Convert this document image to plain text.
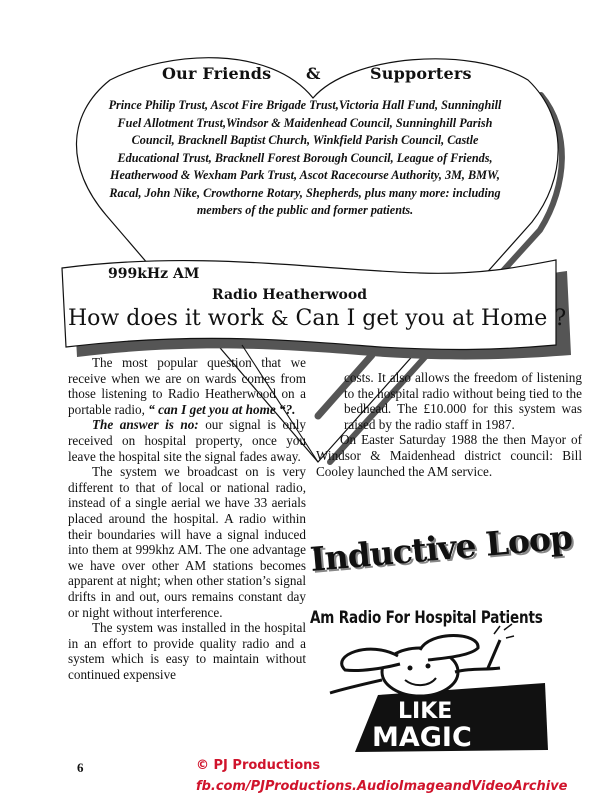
LIKE
MAGIC
Our Friends &	Supporters
Prince Philip Trust, Ascot Fire Brigade Trust,Victoria Hall Fund, Sunninghill Fuel Allotment Trust,Windsor & Maidenhead Council, Sunninghill Parish Council, Bracknell Baptist Church, Winkfield Parish Council, Castle Educational Trust, Bracknell Forest Borough Council, League of Friends, Heatherwood & Wexham Park Trust, Ascot Racecourse Authority, 3M, BMW, Racal, John Nike, Crowthorne Rotary, Shepherds, plus many more: including members of the public and former patients.
999kHz AM
Radio Heatherwood
How does it work & Can I get you at Home ?

The most popular question that we receive when we are on wards comes from those listening to Radio Heatherwood on a portable radio, “ can I get you at home “?.

The answer is no: our signal is only received on hospital property, once you leave the hospital site the signal fades away.

The system we broadcast on is very different to that of local or national radio, instead of a single aerial we have 33 aerials placed around the hospital. A radio within their boundaries will have a signal induced into them at 999khz AM. The one advantage we have over other AM stations becomes apparent at night; when other station’s signal drifts in and out, ours remains constant day or night without interference.

The system was installed in the hospital in an effort to provide quality radio and a system which is easy to maintain without continued expensive

costs. It also allows the freedom of listening to the hospital radio without being tied to the bedhead. The £10.000 for this system was raised by the radio staff in 1987.

On Easter Saturday 1988 the then Mayor of Windsor & Maidenhead district council: Bill Cooley launched the AM service.

Inductive Loop
Am Radio For Hospital Patients
6	© PJ Productions
fb.com/PJProductions.AudioImageandVideoArchive
